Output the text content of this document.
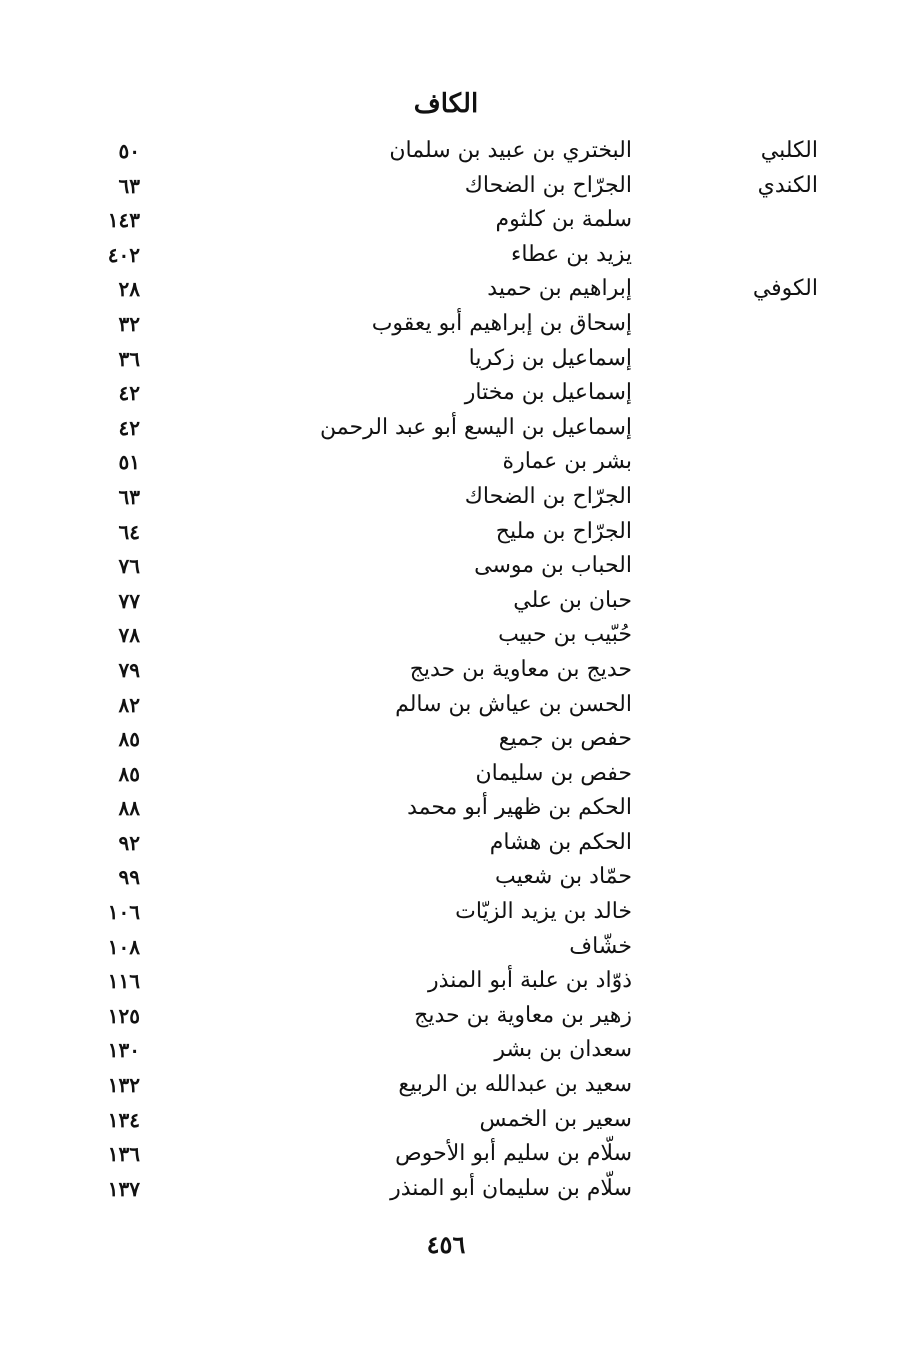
الكاف
الكلبي
البختري بن عبيد بن سلمان
٥٠
الكندي
الجرّاح بن الضحاك
٦٣
سلمة بن كلثوم
١٤٣
يزيد بن عطاء
٤٠٢
الكوفي
إبراهيم بن حميد
٢٨
إسحاق بن إبراهيم أبو يعقوب
٣٢
إسماعيل بن زكريا
٣٦
إسماعيل بن مختار
٤٢
إسماعيل بن اليسع أبو عبد الرحمن
٤٢
بشر بن عمارة
٥١
الجرّاح بن الضحاك
٦٣
الجرّاح بن مليح
٦٤
الحباب بن موسى
٧٦
حبان بن علي
٧٧
حُبّيب بن حبيب
٧٨
حديج بن معاوية بن حديج
٧٩
الحسن بن عياش بن سالم
٨٢
حفص بن جميع
٨٥
حفص بن سليمان
٨٥
الحكم بن ظهير أبو محمد
٨٨
الحكم بن هشام
٩٢
حمّاد بن شعيب
٩٩
خالد بن يزيد الزيّات
١٠٦
خشّاف
١٠٨
ذوّاد بن علبة أبو المنذر
١١٦
زهير بن معاوية بن حديج
١٢٥
سعدان بن بشر
١٣٠
سعيد بن عبدالله بن الربيع
١٣٢
سعير بن الخمس
١٣٤
سلّام بن سليم أبو الأحوص
١٣٦
سلّام بن سليمان أبو المنذر
١٣٧
٤٥٦
